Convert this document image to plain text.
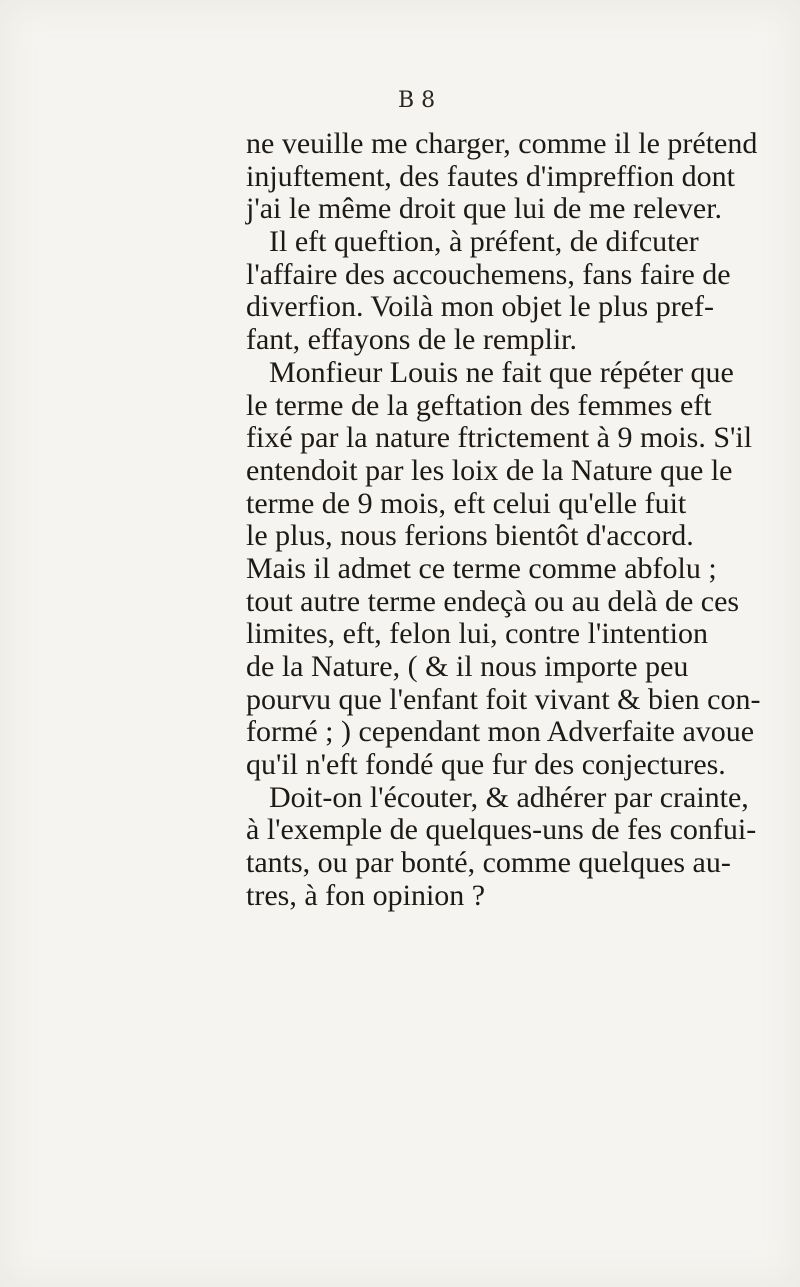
B 8
ne veuille me charger, comme il le prétend
injuftement, des fautes d'impreffion dont
j'ai le même droit que lui de me relever.
Il eft queftion, à préfent, de difcuter
l'affaire des accouchemens, fans faire de
diverfion. Voilà mon objet le plus pref-
fant, effayons de le remplir.
Monfieur Louis ne fait que répéter que
le terme de la geftation des femmes eft
fixé par la nature ftrictement à 9 mois. S'il
entendoit par les loix de la Nature que le
terme de 9 mois, eft celui qu'elle fuit
le plus, nous ferions bientôt d'accord.
Mais il admet ce terme comme abfolu ;
tout autre terme endeçà ou au delà de ces
limites, eft, felon lui, contre l'intention
de la Nature, ( & il nous importe peu
pourvu que l'enfant foit vivant & bien con-
formé ; ) cependant mon Adverfaite avoue
qu'il n'eft fondé que fur des conjectures.
Doit-on l'écouter, & adhérer par crainte,
à l'exemple de quelques-uns de fes confui-
tants, ou par bonté, comme quelques au-
tres, à fon opinion ?
